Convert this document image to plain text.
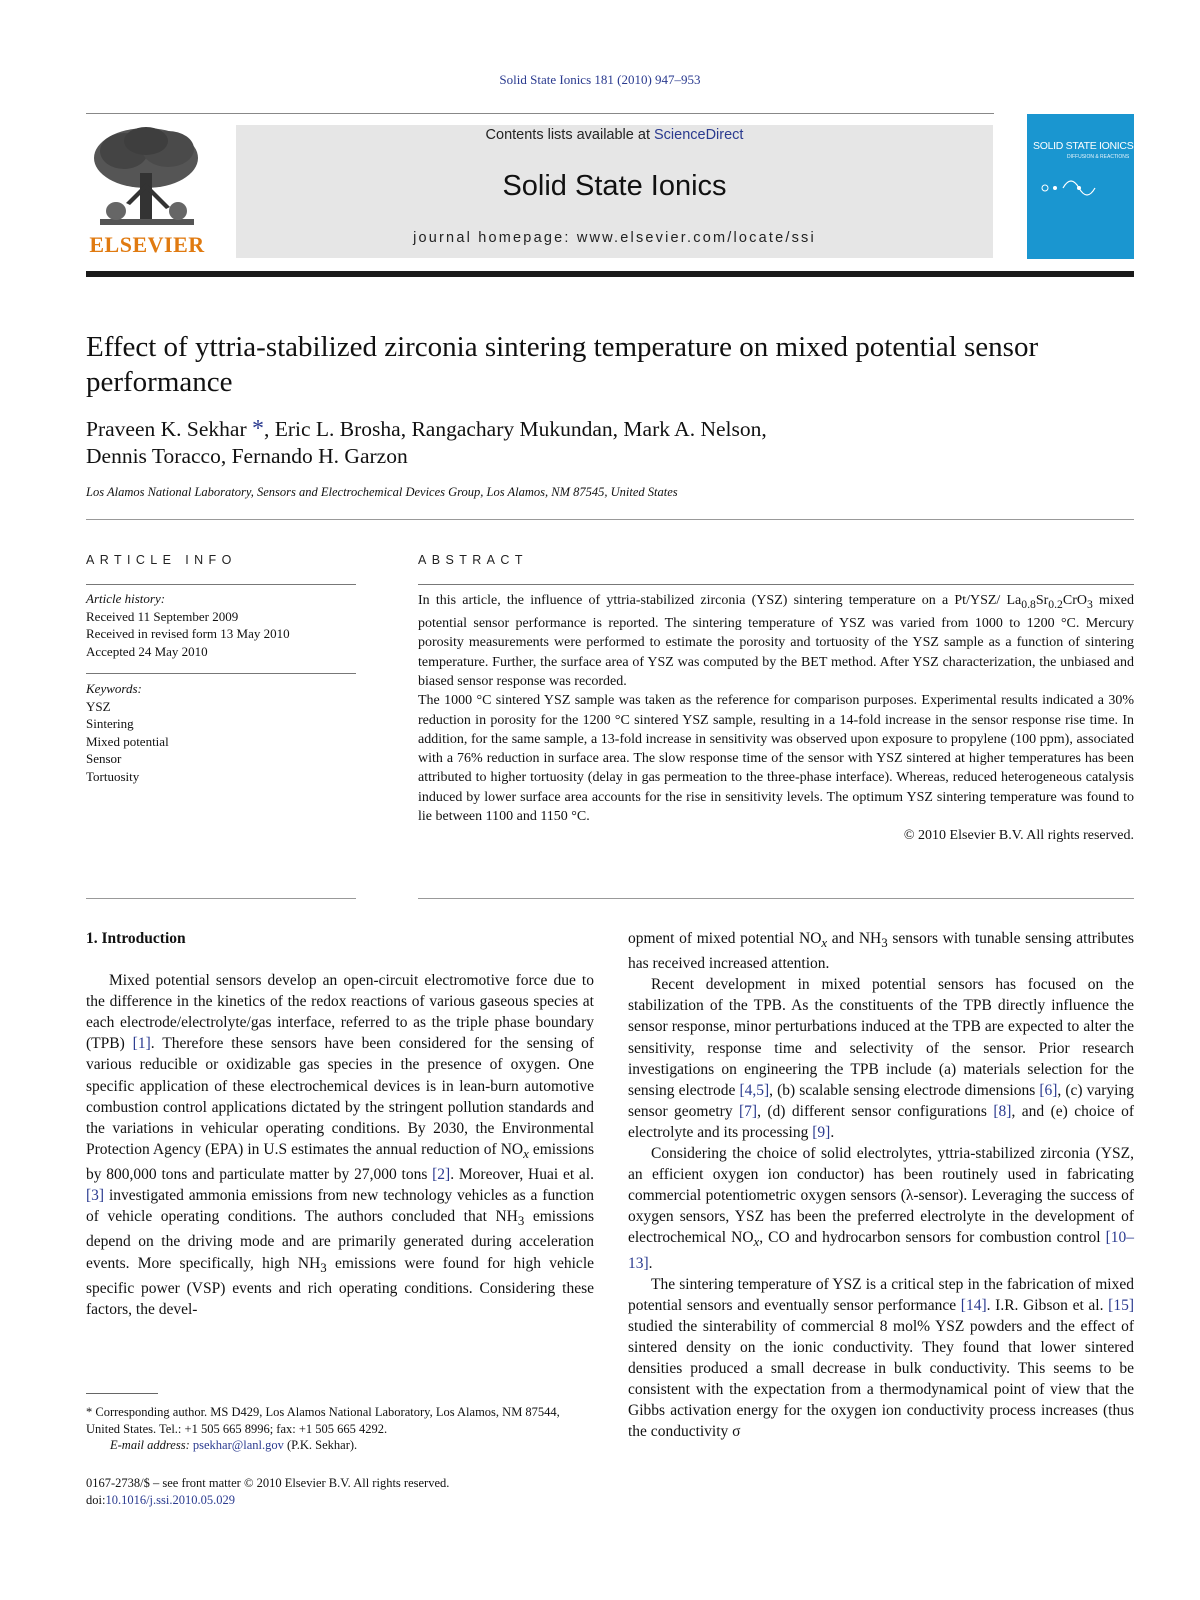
Solid State Ionics 181 (2010) 947–953
ELSEVIER
Contents lists available at ScienceDirect
Solid State Ionics
journal homepage: www.elsevier.com/locate/ssi
SOLID STATE IONICS
DIFFUSION & REACTIONS
Effect of yttria-stabilized zirconia sintering temperature on mixed potential sensor performance
Praveen K. Sekhar *, Eric L. Brosha, Rangachary Mukundan, Mark A. Nelson,
Dennis Toracco, Fernando H. Garzon
Los Alamos National Laboratory, Sensors and Electrochemical Devices Group, Los Alamos, NM 87545, United States
ARTICLE INFO	ABSTRACT
Article history:
Received 11 September 2009
Received in revised form 13 May 2010
Accepted 24 May 2010
Keywords:
YSZ
Sintering
Mixed potential
Sensor
Tortuosity

In this article, the influence of yttria-stabilized zirconia (YSZ) sintering temperature on a Pt/YSZ/ $La_{0.8}Sr_{0.2}CrO_3$ mixed potential sensor performance is reported. The sintering temperature of YSZ was varied from 1000 to 1200 °C. Mercury porosity measurements were performed to estimate the porosity and tortuosity of the YSZ sample as a function of sintering temperature. Further, the surface area of YSZ was computed by the BET method. After YSZ characterization, the unbiased and biased sensor response was recorded.

The 1000 °C sintered YSZ sample was taken as the reference for comparison purposes. Experimental results indicated a 30% reduction in porosity for the 1200 °C sintered YSZ sample, resulting in a 14-fold increase in the sensor response rise time. In addition, for the same sample, a 13-fold increase in sensitivity was observed upon exposure to propylene (100 ppm), associated with a 76% reduction in surface area. The slow response time of the sensor with YSZ sintered at higher temperatures has been attributed to higher tortuosity (delay in gas permeation to the three-phase interface). Whereas, reduced heterogeneous catalysis induced by lower surface area accounts for the rise in sensitivity levels. The optimum YSZ sintering temperature was found to lie between 1100 and 1150 °C.

© 2010 Elsevier B.V. All rights reserved.

1. Introduction

Mixed potential sensors develop an open-circuit electromotive force due to the difference in the kinetics of the redox reactions of various gaseous species at each electrode/electrolyte/gas interface, referred to as the triple phase boundary (TPB) [1]. Therefore these sensors have been considered for the sensing of various reducible or oxidizable gas species in the presence of oxygen. One specific application of these electrochemical devices is in lean-burn automotive combustion control applications dictated by the stringent pollution standards and the variations in vehicular operating conditions. By 2030, the Environmental Protection Agency (EPA) in U.S estimates the annual reduction of $NO_x$ emissions by 800,000 tons and particulate matter by 27,000 tons [2]. Moreover, Huai et al. [3] investigated ammonia emissions from new technology vehicles as a function of vehicle operating conditions. The authors concluded that $NH_3$ emissions depend on the driving mode and are primarily generated during acceleration events. More specifically, high $NH_3$ emissions were found for high vehicle specific power (VSP) events and rich operating conditions. Considering these factors, the devel-

opment of mixed potential $NO_x$ and $NH_3$ sensors with tunable sensing attributes has received increased attention.

Recent development in mixed potential sensors has focused on the stabilization of the TPB. As the constituents of the TPB directly influence the sensor response, minor perturbations induced at the TPB are expected to alter the sensitivity, response time and selectivity of the sensor. Prior research investigations on engineering the TPB include (a) materials selection for the sensing electrode [4,5], (b) scalable sensing electrode dimensions [6], (c) varying sensor geometry [7], (d) different sensor configurations [8], and (e) choice of electrolyte and its processing [9].

Considering the choice of solid electrolytes, yttria-stabilized zirconia (YSZ, an efficient oxygen ion conductor) has been routinely used in fabricating commercial potentiometric oxygen sensors (λ-sensor). Leveraging the success of oxygen sensors, YSZ has been the preferred electrolyte in the development of electrochemical $NO_x$, CO and hydrocarbon sensors for combustion control [10–13].

The sintering temperature of YSZ is a critical step in the fabrication of mixed potential sensors and eventually sensor performance [14]. I.R. Gibson et al. [15] studied the sinterability of commercial 8 mol% YSZ powders and the effect of sintered density on the ionic conductivity. They found that lower sintered densities produced a small decrease in bulk conductivity. This seems to be consistent with the expectation from a thermodynamical point of view that the Gibbs activation energy for the oxygen ion conductivity process increases (thus the conductivity σ

* Corresponding author. MS D429, Los Alamos National Laboratory, Los Alamos, NM 87544, United States. Tel.: +1 505 665 8996; fax: +1 505 665 4292.
E-mail address: psekhar@lanl.gov (P.K. Sekhar).
0167-2738/$ – see front matter © 2010 Elsevier B.V. All rights reserved.
doi:10.1016/j.ssi.2010.05.029
